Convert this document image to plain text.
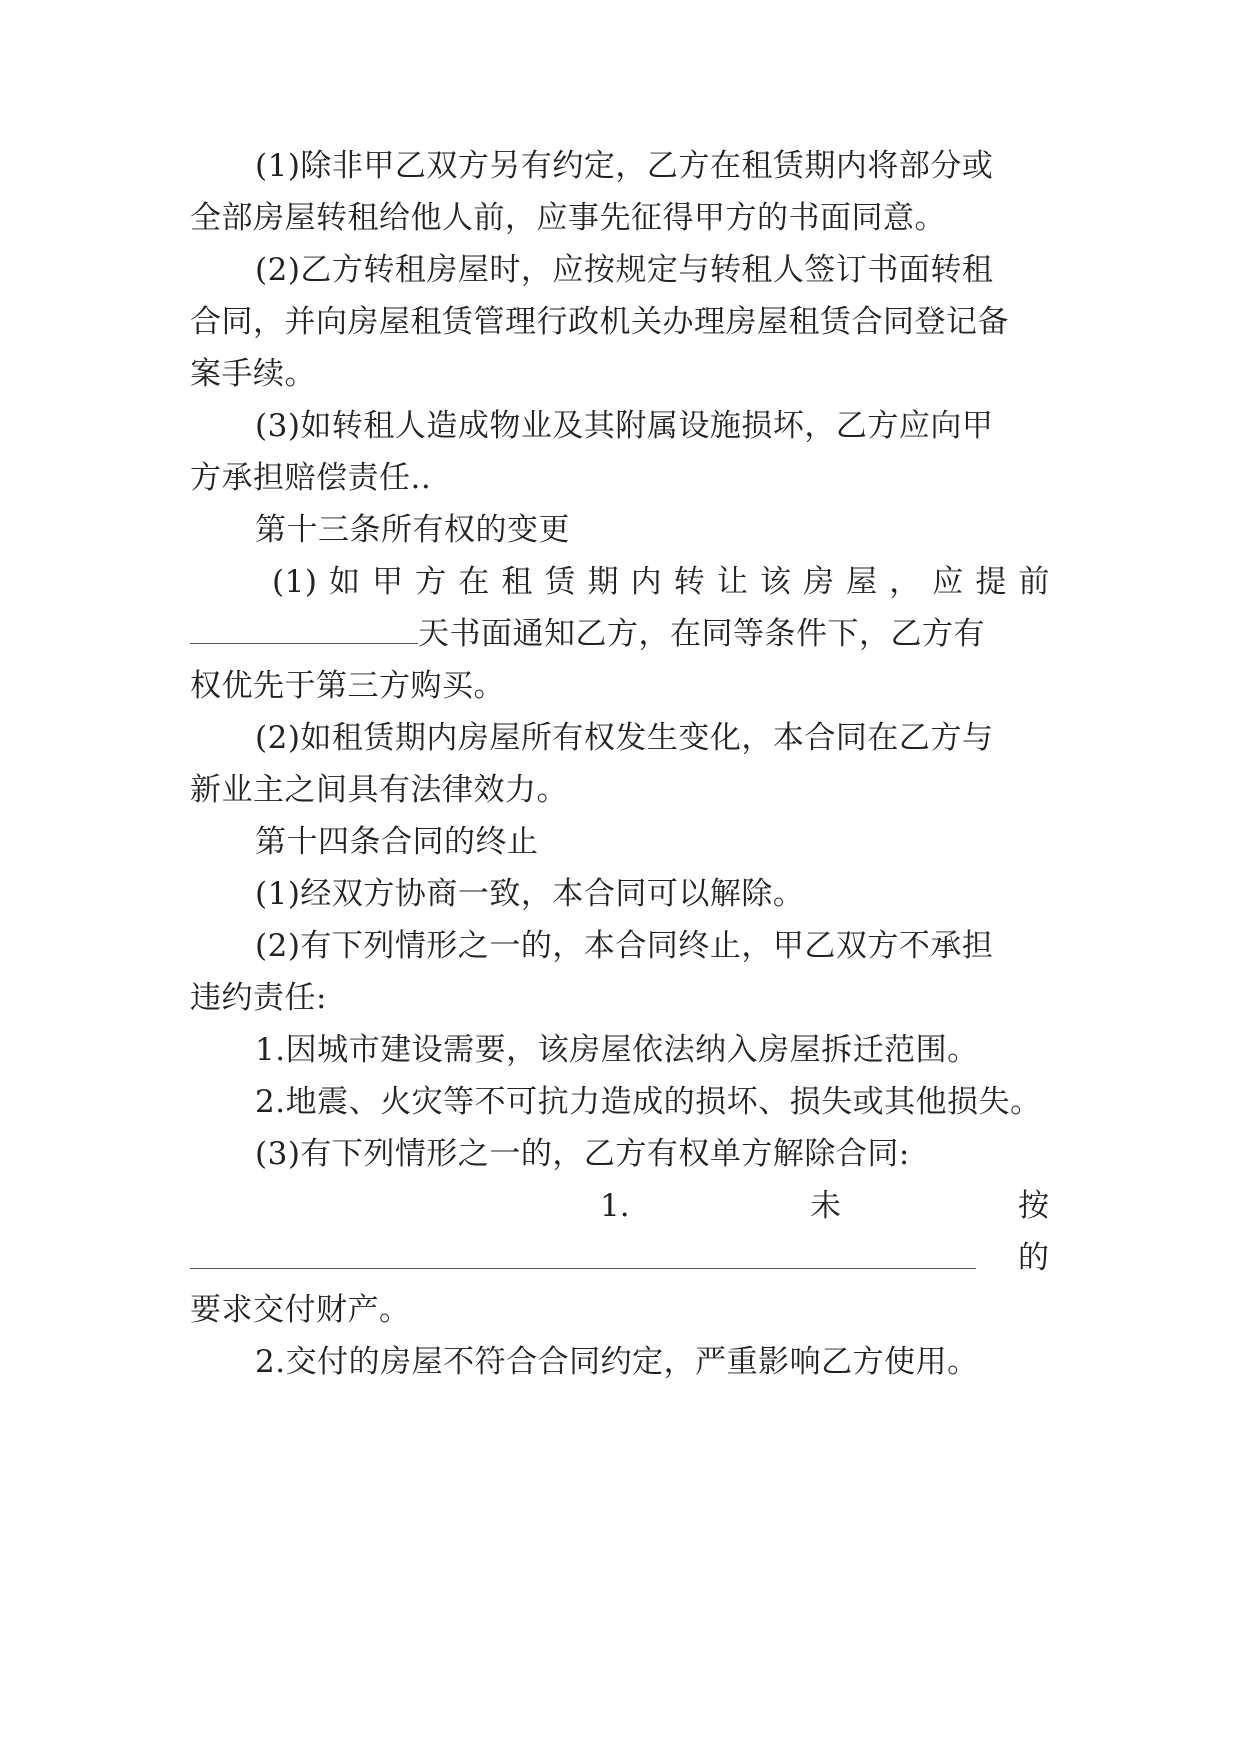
(1)除非甲乙双方另有约定，乙方在租赁期内将部分或
全部房屋转租给他人前，应事先征得甲方的书面同意。
(2)乙方转租房屋时，应按规定与转租人签订书面转租
合同，并向房屋租赁管理行政机关办理房屋租赁合同登记备
案手续。
(3)如转租人造成物业及其附属设施损坏，乙方应向甲
方承担赔偿责任..
第十三条所有权的变更
(1)如甲方在租赁期内转让该房屋，应提前
天书面通知乙方，在同等条件下，乙方有
权优先于第三方购买。
(2)如租赁期内房屋所有权发生变化，本合同在乙方与
新业主之间具有法律效力。
第十四条合同的终止
(1)经双方协商一致，本合同可以解除。
(2)有下列情形之一的，本合同终止，甲乙双方不承担
违约责任:
1.因城市建设需要，该房屋依法纳入房屋拆迁范围。
2.地震、火灾等不可抗力造成的损坏、损失或其他损失。
(3)有下列情形之一的，乙方有权单方解除合同:
1.	未	按
的
要求交付财产。
2.交付的房屋不符合合同约定，严重影响乙方使用。
